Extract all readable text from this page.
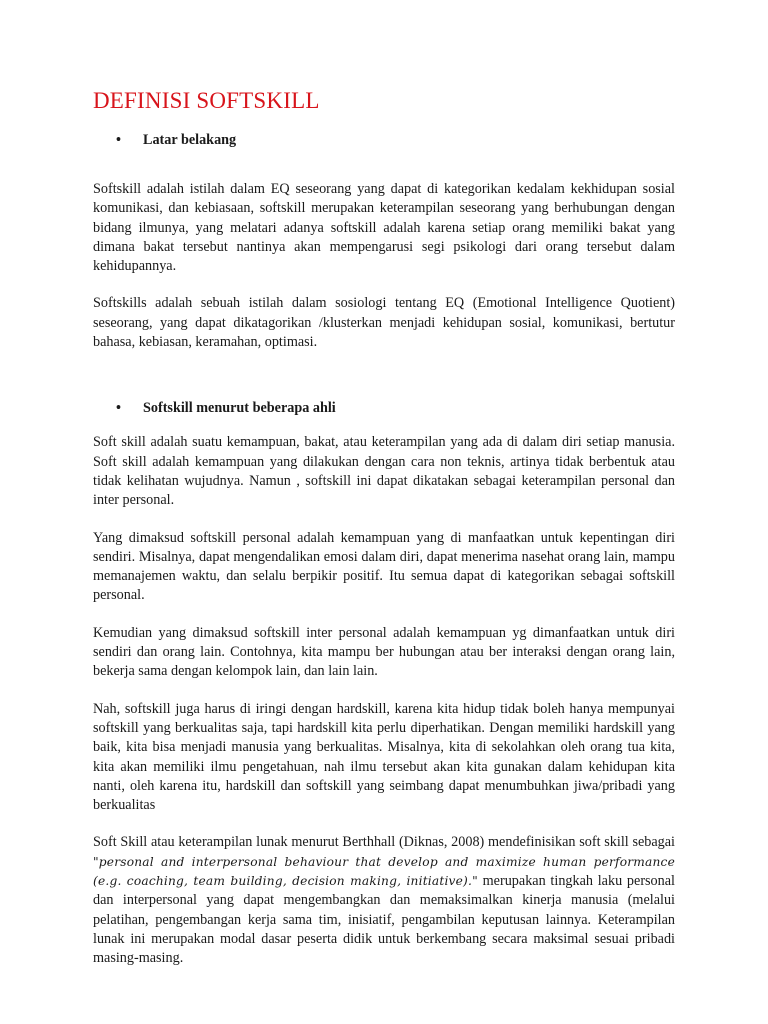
DEFINISI SOFTSKILL

• Latar belakang

Softskill adalah istilah dalam EQ seseorang yang dapat di kategorikan kedalam kekhidupan sosial komunikasi, dan kebiasaan, softskill merupakan keterampilan seseorang yang berhubungan dengan bidang ilmunya, yang melatari adanya softskill adalah karena setiap orang memiliki bakat yang dimana bakat tersebut nantinya akan mempengarusi segi psikologi dari orang tersebut dalam kehidupannya.

Softskills adalah sebuah istilah dalam sosiologi tentang EQ (Emotional Intelligence Quotient) seseorang, yang dapat dikatagorikan /klusterkan menjadi kehidupan sosial, komunikasi, bertutur bahasa, kebiasan, keramahan, optimasi.

• Softskill menurut beberapa ahli

Soft skill adalah suatu kemampuan, bakat, atau keterampilan yang ada di dalam diri setiap manusia. Soft skill adalah kemampuan yang dilakukan dengan cara non teknis, artinya tidak berbentuk atau tidak kelihatan wujudnya. Namun , softskill ini dapat dikatakan sebagai keterampilan personal dan inter personal.

Yang dimaksud softskill personal adalah kemampuan yang di manfaatkan untuk kepentingan diri sendiri. Misalnya, dapat mengendalikan emosi dalam diri, dapat menerima nasehat orang lain, mampu memanajemen waktu, dan selalu berpikir positif. Itu semua dapat di kategorikan sebagai softskill personal.

Kemudian yang dimaksud softskill inter personal adalah kemampuan yg dimanfaatkan untuk diri sendiri dan orang lain. Contohnya, kita mampu ber hubungan atau ber interaksi dengan orang lain, bekerja sama dengan kelompok lain, dan lain lain.

Nah, softskill juga harus di iringi dengan hardskill, karena kita hidup tidak boleh hanya mempunyai softskill yang berkualitas saja, tapi hardskill kita perlu diperhatikan. Dengan memiliki hardskill yang baik, kita bisa menjadi manusia yang berkualitas. Misalnya, kita di sekolahkan oleh orang tua kita, kita akan memiliki ilmu pengetahuan, nah ilmu tersebut akan kita gunakan dalam kehidupan kita nanti, oleh karena itu, hardskill dan softskill yang seimbang dapat menumbuhkan jiwa/pribadi yang berkualitas

Soft Skill atau keterampilan lunak menurut Berthhall (Diknas, 2008) mendefinisikan soft skill sebagai "personal and interpersonal behaviour that develop and maximize human performance (e.g. coaching, team building, decision making, initiative)." merupakan tingkah laku personal dan interpersonal yang dapat mengembangkan dan memaksimalkan kinerja manusia (melalui pelatihan, pengembangan kerja sama tim, inisiatif, pengambilan keputusan lainnya. Keterampilan lunak ini merupakan modal dasar peserta didik untuk berkembang secara maksimal sesuai pribadi masing-masing.
